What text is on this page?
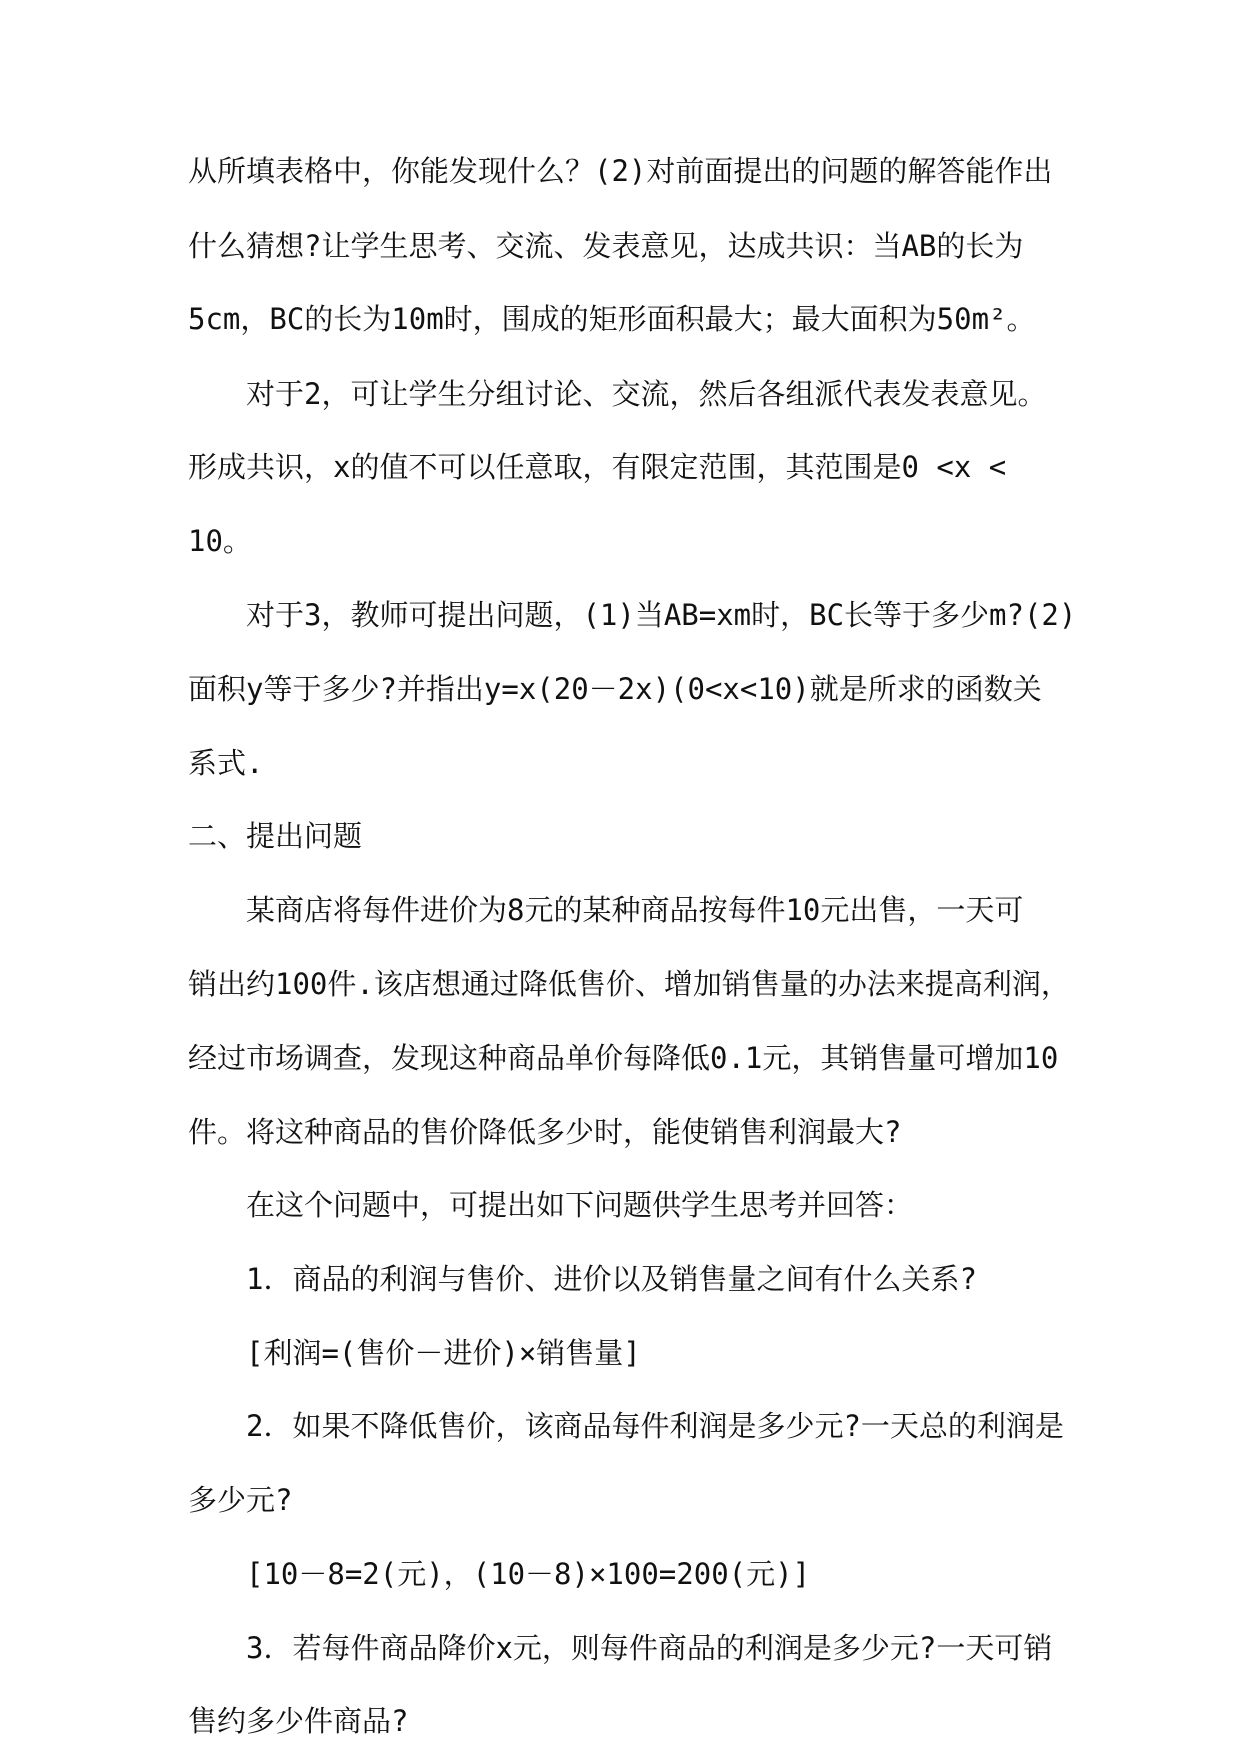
从所填表格中，你能发现什么？(2)对前面提出的问题的解答能作出
什么猜想?让学生思考、交流、发表意见，达成共识：当AB的长为
5cm，BC的长为10m时，围成的矩形面积最大；最大面积为50m²。
对于2，可让学生分组讨论、交流，然后各组派代表发表意见。
形成共识，x的值不可以任意取，有限定范围，其范围是0 <x <
10。
对于3，教师可提出问题，(1)当AB=xm时，BC长等于多少m?(2)
面积y等于多少?并指出y=x(20－2x)(0<x<10)就是所求的函数关
系式.
二、提出问题
某商店将每件进价为8元的某种商品按每件10元出售，一天可
销出约100件.该店想通过降低售价、增加销售量的办法来提高利润，
经过市场调查，发现这种商品单价每降低0.1元，其销售量可增加10
件。将这种商品的售价降低多少时，能使销售利润最大?
在这个问题中，可提出如下问题供学生思考并回答：
1．商品的利润与售价、进价以及销售量之间有什么关系?
[利润=(售价－进价)×销售量]
2．如果不降低售价，该商品每件利润是多少元?一天总的利润是
多少元?
[10－8=2(元)，(10－8)×100=200(元)]
3．若每件商品降价x元，则每件商品的利润是多少元?一天可销
售约多少件商品?
